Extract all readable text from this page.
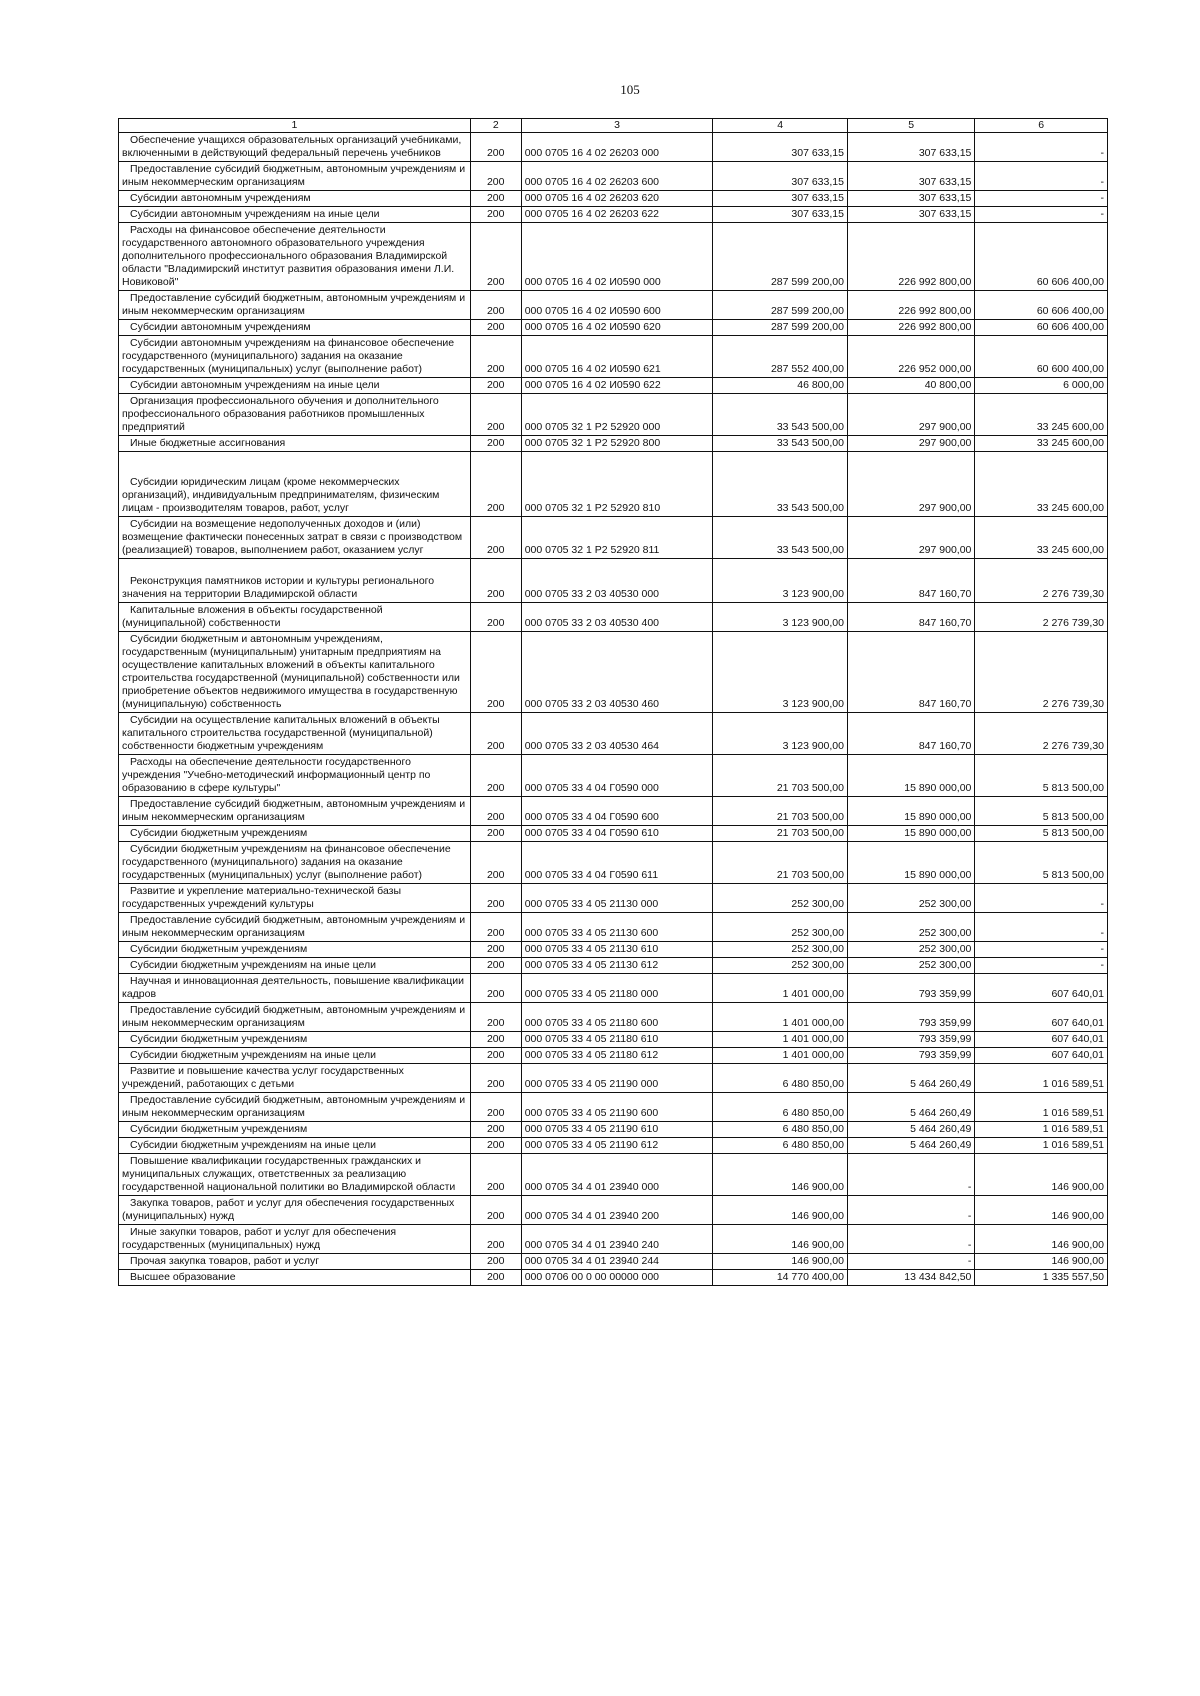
105
1	2	3	4	5	6

Обеспечение учащихся образовательных организаций учебниками, включенными в действующий федеральный перечень учебников	200	000 0705 16 4 02 26203 000	307 633,15	307 633,15	-

Предоставление субсидий бюджетным, автономным учреждениям и иным некоммерческим организациям	200	000 0705 16 4 02 26203 600	307 633,15	307 633,15	-

Субсидии автономным учреждениям	200	000 0705 16 4 02 26203 620	307 633,15	307 633,15	-

Субсидии автономным учреждениям на иные цели	200	000 0705 16 4 02 26203 622	307 633,15	307 633,15	-

Расходы на финансовое обеспечение деятельности государственного автономного образовательного учреждения дополнительного профессионального образования Владимирской области "Владимирский институт развития образования имени Л.И. Новиковой"	200	000 0705 16 4 02 И0590 000	287 599 200,00	226 992 800,00	60 606 400,00

Предоставление субсидий бюджетным, автономным учреждениям и иным некоммерческим организациям	200	000 0705 16 4 02 И0590 600	287 599 200,00	226 992 800,00	60 606 400,00

Субсидии автономным учреждениям	200	000 0705 16 4 02 И0590 620	287 599 200,00	226 992 800,00	60 606 400,00

Субсидии автономным учреждениям на финансовое обеспечение государственного (муниципального) задания на оказание государственных (муниципальных) услуг (выполнение работ)	200	000 0705 16 4 02 И0590 621	287 552 400,00	226 952 000,00	60 600 400,00

Субсидии автономным учреждениям на иные цели	200	000 0705 16 4 02 И0590 622	46 800,00	40 800,00	6 000,00

Организация профессионального обучения и дополнительного профессионального образования работников промышленных предприятий	200	000 0705 32 1 P2 52920 000	33 543 500,00	297 900,00	33 245 600,00

Иные бюджетные ассигнования	200	000 0705 32 1 P2 52920 800	33 543 500,00	297 900,00	33 245 600,00

Субсидии юридическим лицам (кроме некоммерческих организаций), индивидуальным предпринимателям, физическим лицам - производителям товаров, работ, услуг	200	000 0705 32 1 P2 52920 810	33 543 500,00	297 900,00	33 245 600,00

Субсидии на возмещение недополученных доходов и (или) возмещение фактически понесенных затрат в связи с производством (реализацией) товаров, выполнением работ, оказанием услуг	200	000 0705 32 1 P2 52920 811	33 543 500,00	297 900,00	33 245 600,00

Реконструкция памятников истории и культуры регионального значения на территории Владимирской области	200	000 0705 33 2 03 40530 000	3 123 900,00	847 160,70	2 276 739,30

Капитальные вложения в объекты государственной (муниципальной) собственности	200	000 0705 33 2 03 40530 400	3 123 900,00	847 160,70	2 276 739,30

Субсидии бюджетным и автономным учреждениям, государственным (муниципальным) унитарным предприятиям на осуществление капитальных вложений в объекты капитального строительства государственной (муниципальной) собственности или приобретение объектов недвижимого имущества в государственную (муниципальную) собственность	200	000 0705 33 2 03 40530 460	3 123 900,00	847 160,70	2 276 739,30

Субсидии на осуществление капитальных вложений в объекты капитального строительства государственной (муниципальной) собственности бюджетным учреждениям	200	000 0705 33 2 03 40530 464	3 123 900,00	847 160,70	2 276 739,30

Расходы на обеспечение деятельности государственного учреждения "Учебно-методический информационный центр по образованию в сфере культуры"	200	000 0705 33 4 04 Г0590 000	21 703 500,00	15 890 000,00	5 813 500,00

Предоставление субсидий бюджетным, автономным учреждениям и иным некоммерческим организациям	200	000 0705 33 4 04 Г0590 600	21 703 500,00	15 890 000,00	5 813 500,00

Субсидии бюджетным учреждениям	200	000 0705 33 4 04 Г0590 610	21 703 500,00	15 890 000,00	5 813 500,00

Субсидии бюджетным учреждениям на финансовое обеспечение государственного (муниципального) задания на оказание государственных (муниципальных) услуг (выполнение работ)	200	000 0705 33 4 04 Г0590 611	21 703 500,00	15 890 000,00	5 813 500,00

Развитие и укрепление материально-технической базы государственных учреждений культуры	200	000 0705 33 4 05 21130 000	252 300,00	252 300,00	-

Предоставление субсидий бюджетным, автономным учреждениям и иным некоммерческим организациям	200	000 0705 33 4 05 21130 600	252 300,00	252 300,00	-

Субсидии бюджетным учреждениям	200	000 0705 33 4 05 21130 610	252 300,00	252 300,00	-

Субсидии бюджетным учреждениям на иные цели	200	000 0705 33 4 05 21130 612	252 300,00	252 300,00	-

Научная и инновационная деятельность, повышение квалификации кадров	200	000 0705 33 4 05 21180 000	1 401 000,00	793 359,99	607 640,01

Предоставление субсидий бюджетным, автономным учреждениям и иным некоммерческим организациям	200	000 0705 33 4 05 21180 600	1 401 000,00	793 359,99	607 640,01

Субсидии бюджетным учреждениям	200	000 0705 33 4 05 21180 610	1 401 000,00	793 359,99	607 640,01

Субсидии бюджетным учреждениям на иные цели	200	000 0705 33 4 05 21180 612	1 401 000,00	793 359,99	607 640,01

Развитие и повышение качества услуг государственных учреждений, работающих с детьми	200	000 0705 33 4 05 21190 000	6 480 850,00	5 464 260,49	1 016 589,51

Предоставление субсидий бюджетным, автономным учреждениям и иным некоммерческим организациям	200	000 0705 33 4 05 21190 600	6 480 850,00	5 464 260,49	1 016 589,51

Субсидии бюджетным учреждениям	200	000 0705 33 4 05 21190 610	6 480 850,00	5 464 260,49	1 016 589,51

Субсидии бюджетным учреждениям на иные цели	200	000 0705 33 4 05 21190 612	6 480 850,00	5 464 260,49	1 016 589,51

Повышение квалификации государственных гражданских и муниципальных служащих, ответственных за реализацию государственной национальной политики во Владимирской области	200	000 0705 34 4 01 23940 000	146 900,00	-	146 900,00

Закупка товаров, работ и услуг для обеспечения государственных (муниципальных) нужд	200	000 0705 34 4 01 23940 200	146 900,00	-	146 900,00

Иные закупки товаров, работ и услуг для обеспечения государственных (муниципальных) нужд	200	000 0705 34 4 01 23940 240	146 900,00	-	146 900,00

Прочая закупка товаров, работ и услуг	200	000 0705 34 4 01 23940 244	146 900,00	-	146 900,00

Высшее образование	200	000 0706 00 0 00 00000 000	14 770 400,00	13 434 842,50	1 335 557,50
